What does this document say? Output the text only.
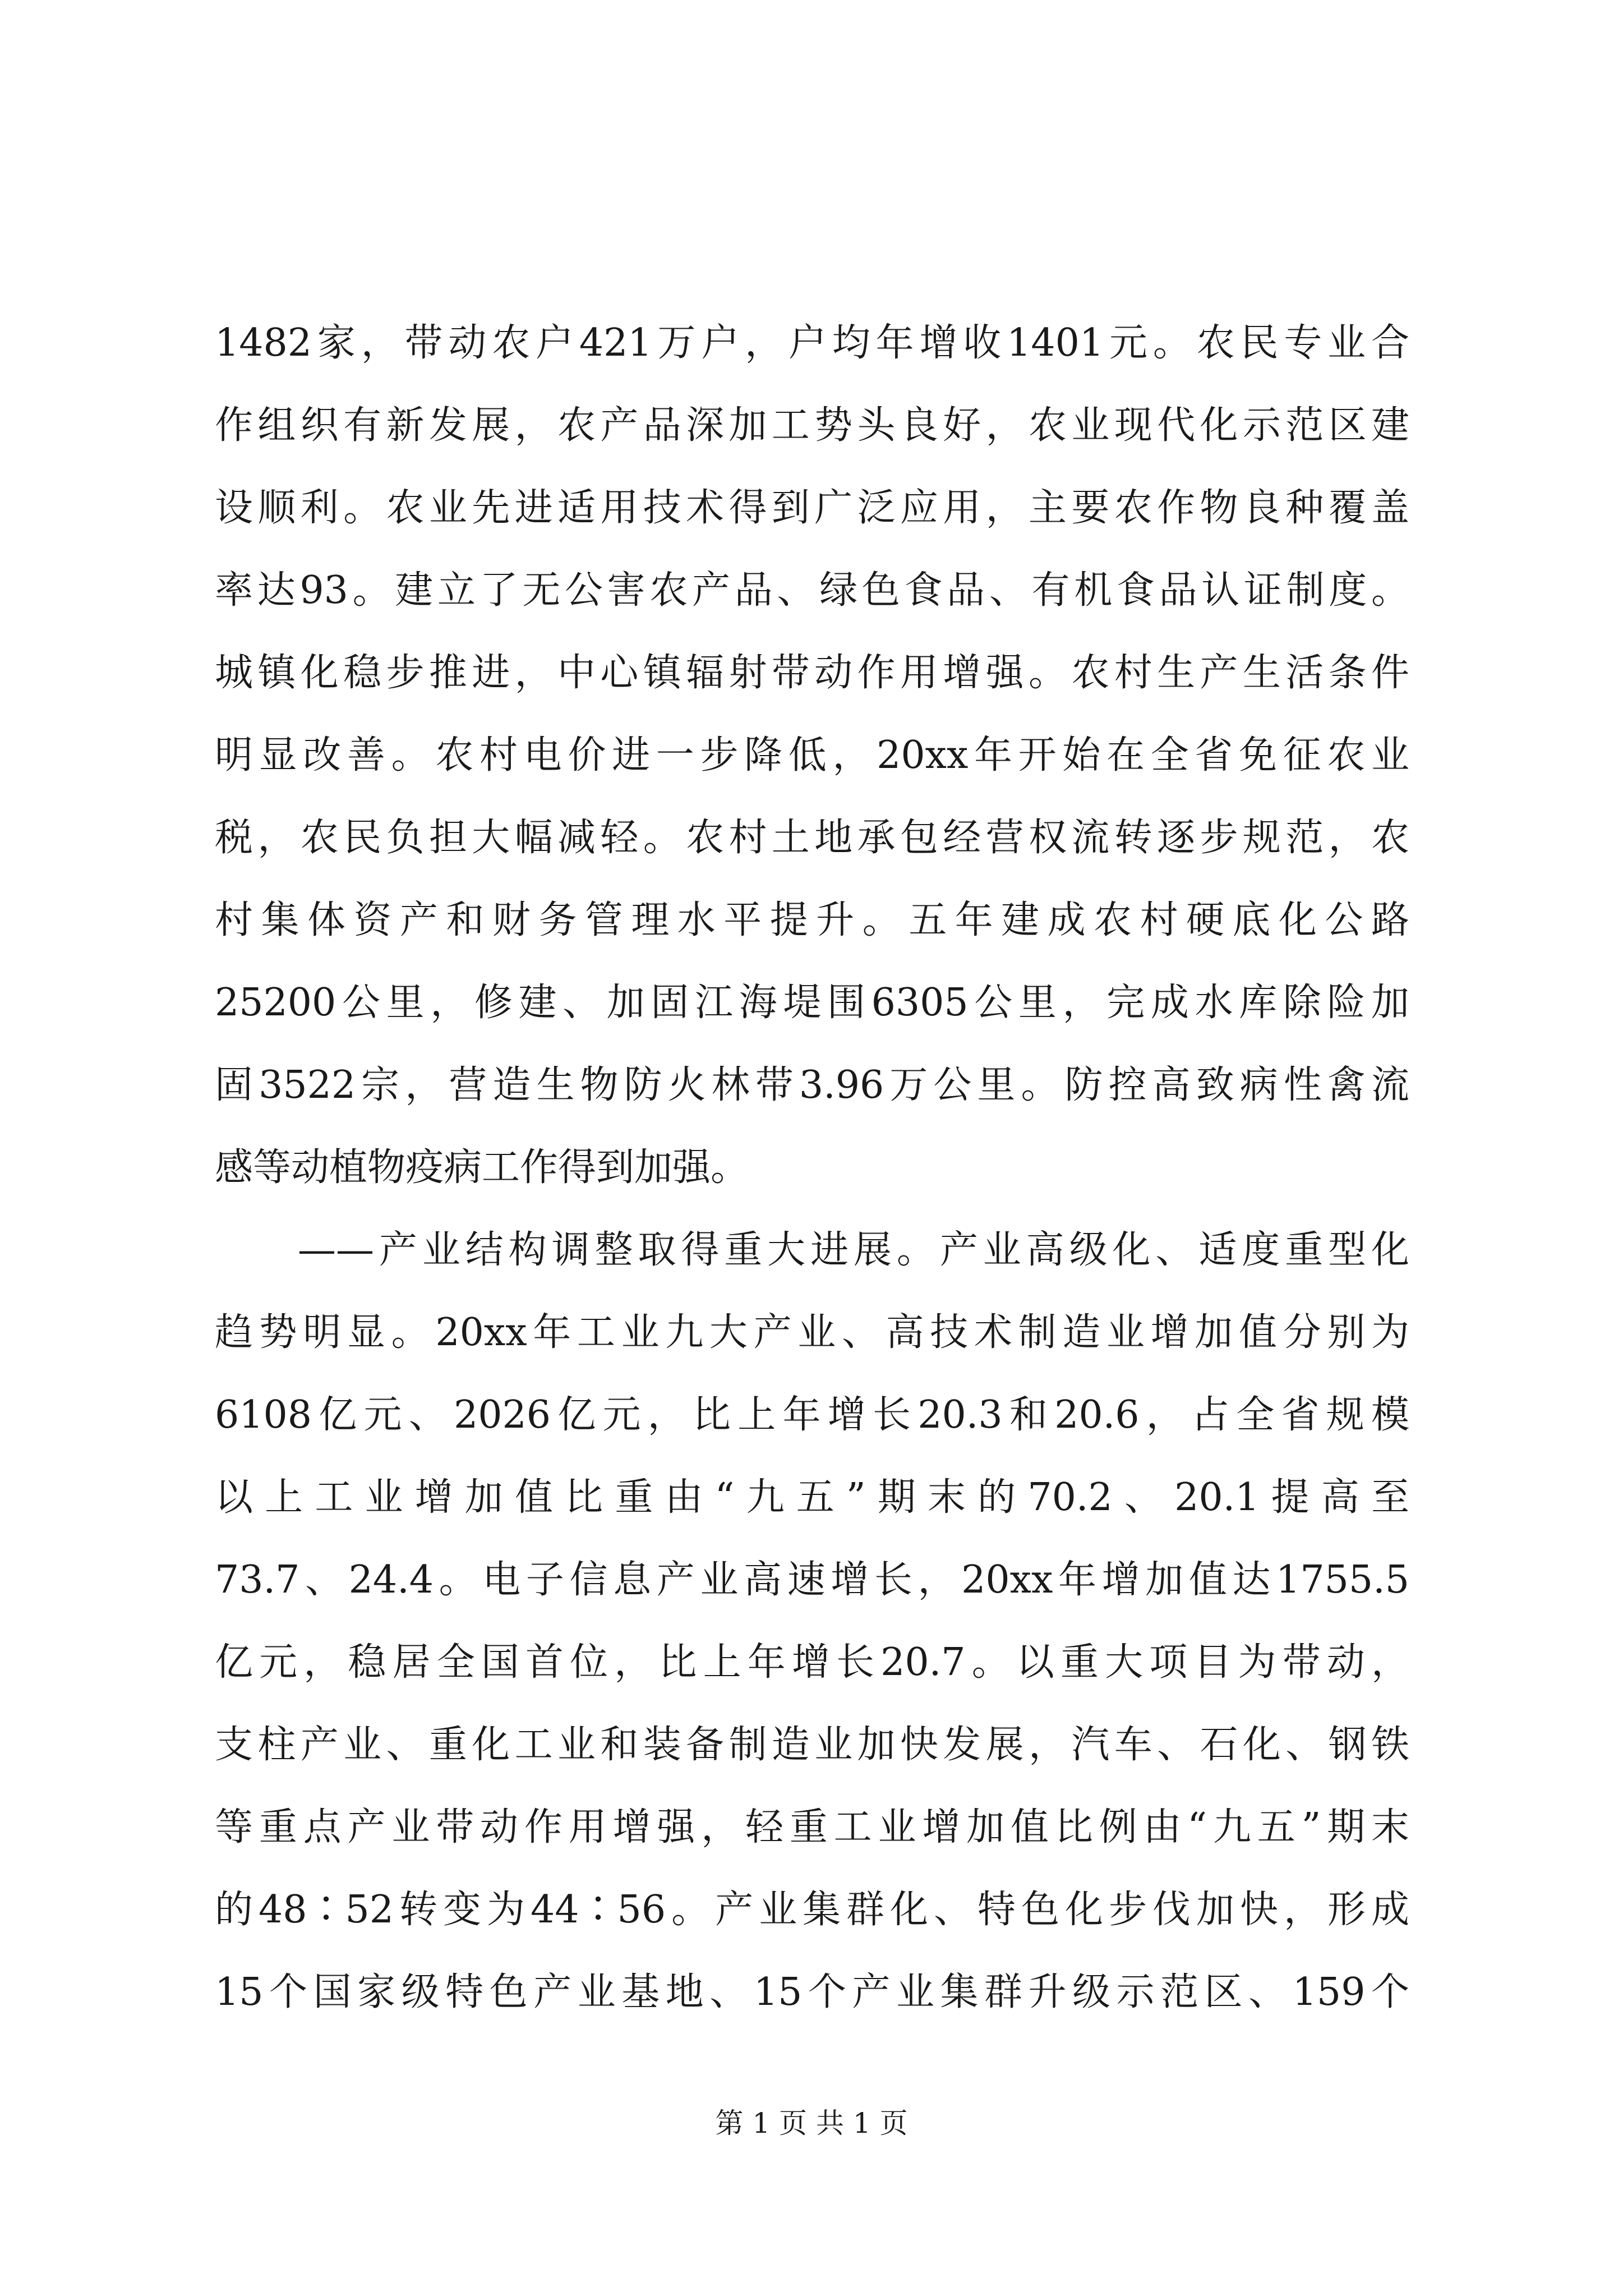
1482家，带动农户421万户，户均年增收1401元。农民专业合
作组织有新发展，农产品深加工势头良好，农业现代化示范区建
设顺利。农业先进适用技术得到广泛应用，主要农作物良种覆盖
率达93。建立了无公害农产品、绿色食品、有机食品认证制度。
城镇化稳步推进，中心镇辐射带动作用增强。农村生产生活条件
明显改善。农村电价进一步降低，20xx年开始在全省免征农业
税，农民负担大幅减轻。农村土地承包经营权流转逐步规范，农
村集体资产和财务管理水平提升。五年建成农村硬底化公路
25200公里，修建、加固江海堤围6305公里，完成水库除险加
固3522宗，营造生物防火林带3.96万公里。防控高致病性禽流
感等动植物疫病工作得到加强。
——产业结构调整取得重大进展。产业高级化、适度重型化
趋势明显。20xx年工业九大产业、高技术制造业增加值分别为
6108亿元、2026亿元，比上年增长20.3和20.6，占全省规模
以上工业增加值比重由“九五”期末的70.2、20.1提高至
73.7、24.4。电子信息产业高速增长，20xx年增加值达1755.5
亿元，稳居全国首位，比上年增长20.7。以重大项目为带动，
支柱产业、重化工业和装备制造业加快发展，汽车、石化、钢铁
等重点产业带动作用增强，轻重工业增加值比例由“九五”期末
的48∶52转变为44∶56。产业集群化、特色化步伐加快，形成
15个国家级特色产业基地、15个产业集群升级示范区、159个
第 1 页 共 1 页
